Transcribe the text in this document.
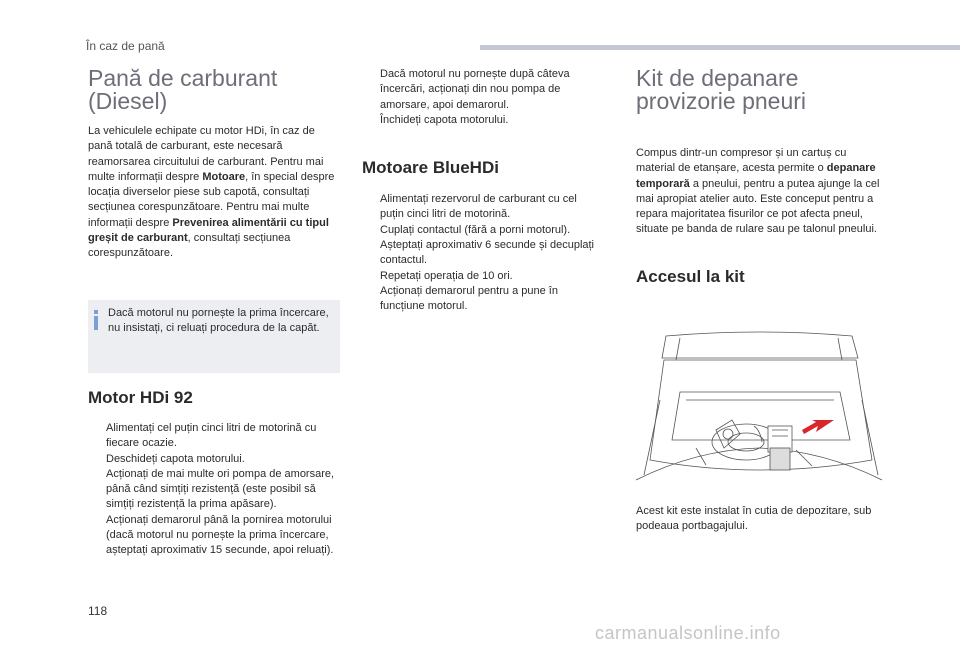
În caz de pană
Pană de carburant (Diesel)

La vehiculele echipate cu motor HDi, în caz de pană totală de carburant, este necesară reamorsarea circuitului de carburant. Pentru mai multe informații despre Motoare, în special despre locația diverselor piese sub capotă, consultați secțiunea corespunzătoare. Pentru mai multe informații despre Prevenirea alimentării cu tipul greșit de carburant, consultați secțiunea corespunzătoare.

Dacă motorul nu pornește la prima încercare, nu insistați, ci reluați procedura de la capăt.
Motor HDi 92
Alimentați cel puțin cinci litri de motorină cu fiecare ocazie.
Deschideți capota motorului.
Acționați de mai multe ori pompa de amorsare, până când simțiți rezistență (este posibil să simțiți rezistență la prima apăsare).
Acționați demarorul până la pornirea motorului (dacă motorul nu pornește la prima încercare, așteptați aproximativ 15 secunde, apoi reluați).
Dacă motorul nu pornește după câteva încercări, acționați din nou pompa de amorsare, apoi demarorul.
Închideți capota motorului.
Motoare BlueHDi
Alimentați rezervorul de carburant cu cel puțin cinci litri de motorină.
Cuplați contactul (fără a porni motorul).
Așteptați aproximativ 6 secunde și decuplați contactul.
Repetați operația de 10 ori.
Acționați demarorul pentru a pune în funcțiune motorul.
Kit de depanare provizorie pneuri

Compus dintr-un compresor și un cartuș cu material de etanșare, acesta permite o depanare temporară a pneului, pentru a putea ajunge la cel mai apropiat atelier auto. Este conceput pentru a repara majoritatea fisurilor ce pot afecta pneul, situate pe banda de rulare sau pe talonul pneului.

Accesul la kit

Acest kit este instalat în cutia de depozitare, sub podeaua portbagajului.

118
carmanualsonline.info
